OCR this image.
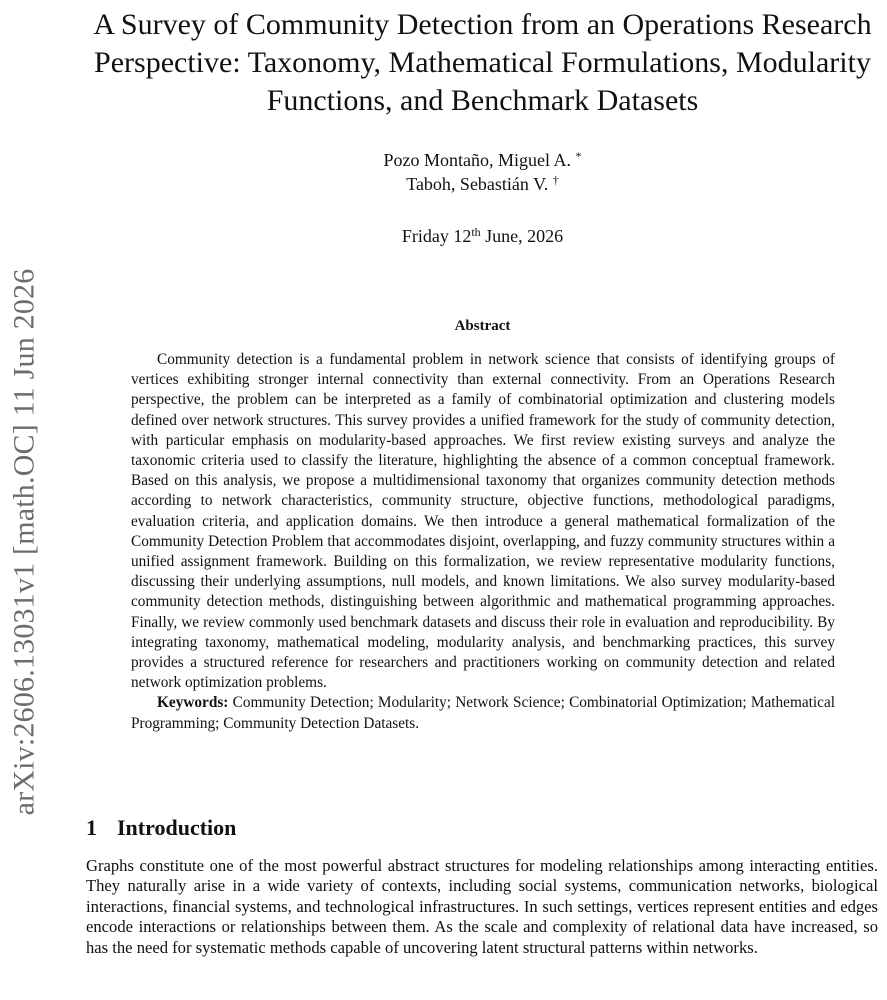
arXiv:2606.13031v1 [math.OC] 11 Jun 2026
A Survey of Community Detection from an Operations Research Perspective: Taxonomy, Mathematical Formulations, Modularity Functions, and Benchmark Datasets
Pozo Montaño, Miguel A. *
Taboh, Sebastián V. †
Friday 12th June, 2026
Abstract

Community detection is a fundamental problem in network science that consists of identifying groups of vertices exhibiting stronger internal connectivity than external connectivity. From an Operations Research perspective, the problem can be interpreted as a family of combinatorial optimization and clustering models defined over network structures. This survey provides a unified framework for the study of community detection, with particular emphasis on modularity-based approaches. We first review existing surveys and analyze the taxonomic criteria used to classify the literature, highlighting the absence of a common conceptual framework. Based on this analysis, we propose a multidimensional taxonomy that organizes community detection methods according to network characteristics, community structure, objective functions, methodological paradigms, evaluation criteria, and application domains. We then introduce a general mathematical formalization of the Community Detection Problem that accommodates disjoint, overlapping, and fuzzy community structures within a unified assignment framework. Building on this formalization, we review representative modularity functions, discussing their underlying assumptions, null models, and known limitations. We also survey modularity-based community detection methods, distinguishing between algorithmic and mathematical programming approaches. Finally, we review commonly used benchmark datasets and discuss their role in evaluation and reproducibility. By integrating taxonomy, mathematical modeling, modularity analysis, and benchmarking practices, this survey provides a structured reference for researchers and practitioners working on community detection and related network optimization problems.

Keywords: Community Detection; Modularity; Network Science; Combinatorial Optimization; Mathematical Programming; Community Detection Datasets.

1 Introduction

Graphs constitute one of the most powerful abstract structures for modeling relationships among interacting entities. They naturally arise in a wide variety of contexts, including social systems, communication networks, biological interactions, financial systems, and technological infrastructures. In such settings, vertices represent entities and edges encode interactions or relationships between them. As the scale and complexity of relational data have increased, so has the need for systematic methods capable of uncovering latent structural patterns within networks.
